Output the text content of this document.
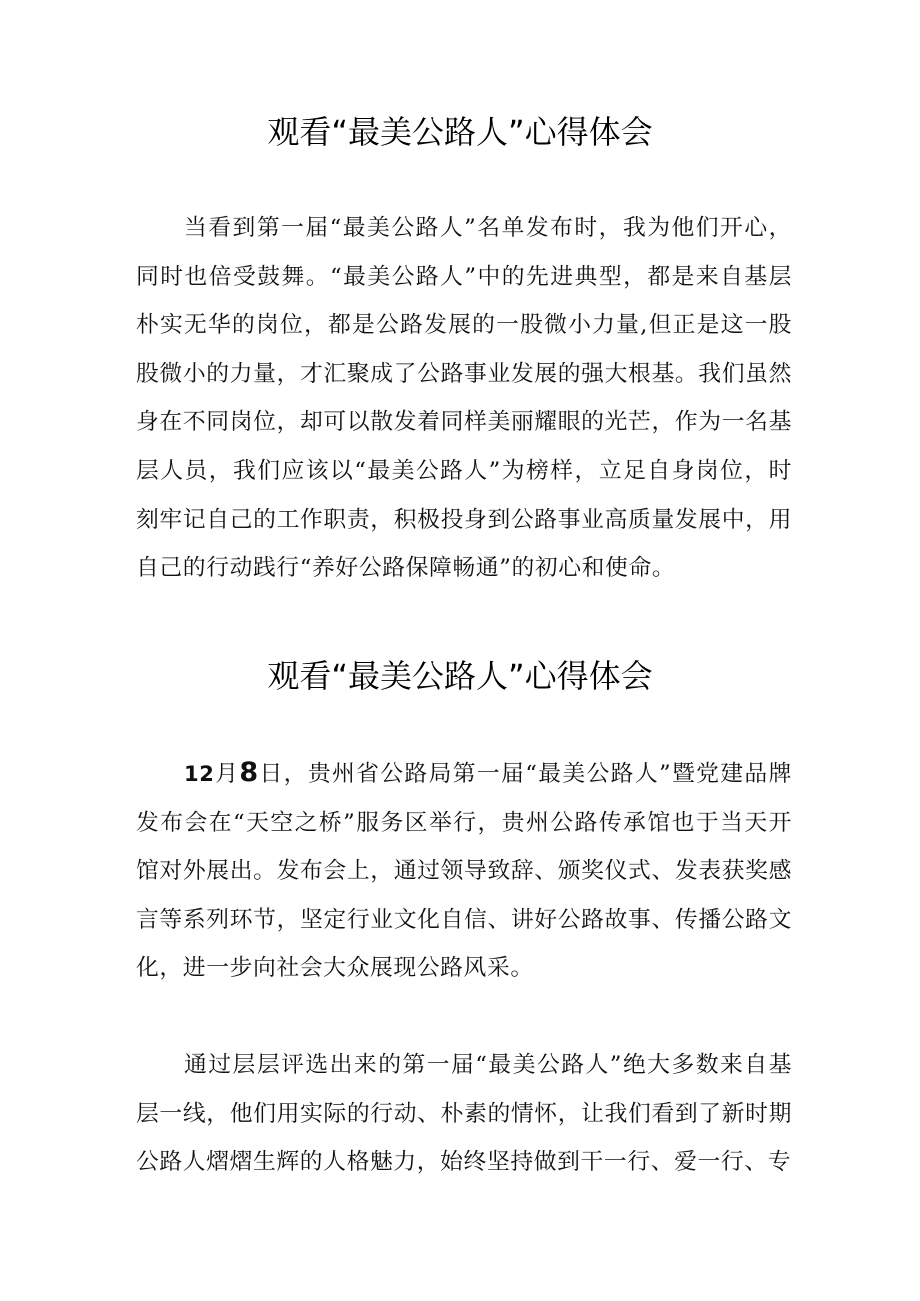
观看“最美公路人”心得体会

当看到第一届“最美公路人”名单发布时，我为他们开心，同时也倍受鼓舞。“最美公路人”中的先进典型，都是来自基层朴实无华的岗位，都是公路发展的一股微小力量,但正是这一股股微小的力量，才汇聚成了公路事业发展的强大根基。我们虽然身在不同岗位，却可以散发着同样美丽耀眼的光芒，作为一名基层人员，我们应该以“最美公路人”为榜样，立足自身岗位，时刻牢记自己的工作职责，积极投身到公路事业高质量发展中，用自己的行动践行“养好公路保障畅通”的初心和使命。

观看“最美公路人”心得体会

12月8日，贵州省公路局第一届“最美公路人”暨党建品牌发布会在“天空之桥”服务区举行，贵州公路传承馆也于当天开馆对外展出。发布会上，通过领导致辞、颁奖仪式、发表获奖感言等系列环节，坚定行业文化自信、讲好公路故事、传播公路文化，进一步向社会大众展现公路风采。

通过层层评选出来的第一届“最美公路人”绝大多数来自基层一线，他们用实际的行动、朴素的情怀，让我们看到了新时期公路人熠熠生辉的人格魅力，始终坚持做到干一行、爱一行、专
